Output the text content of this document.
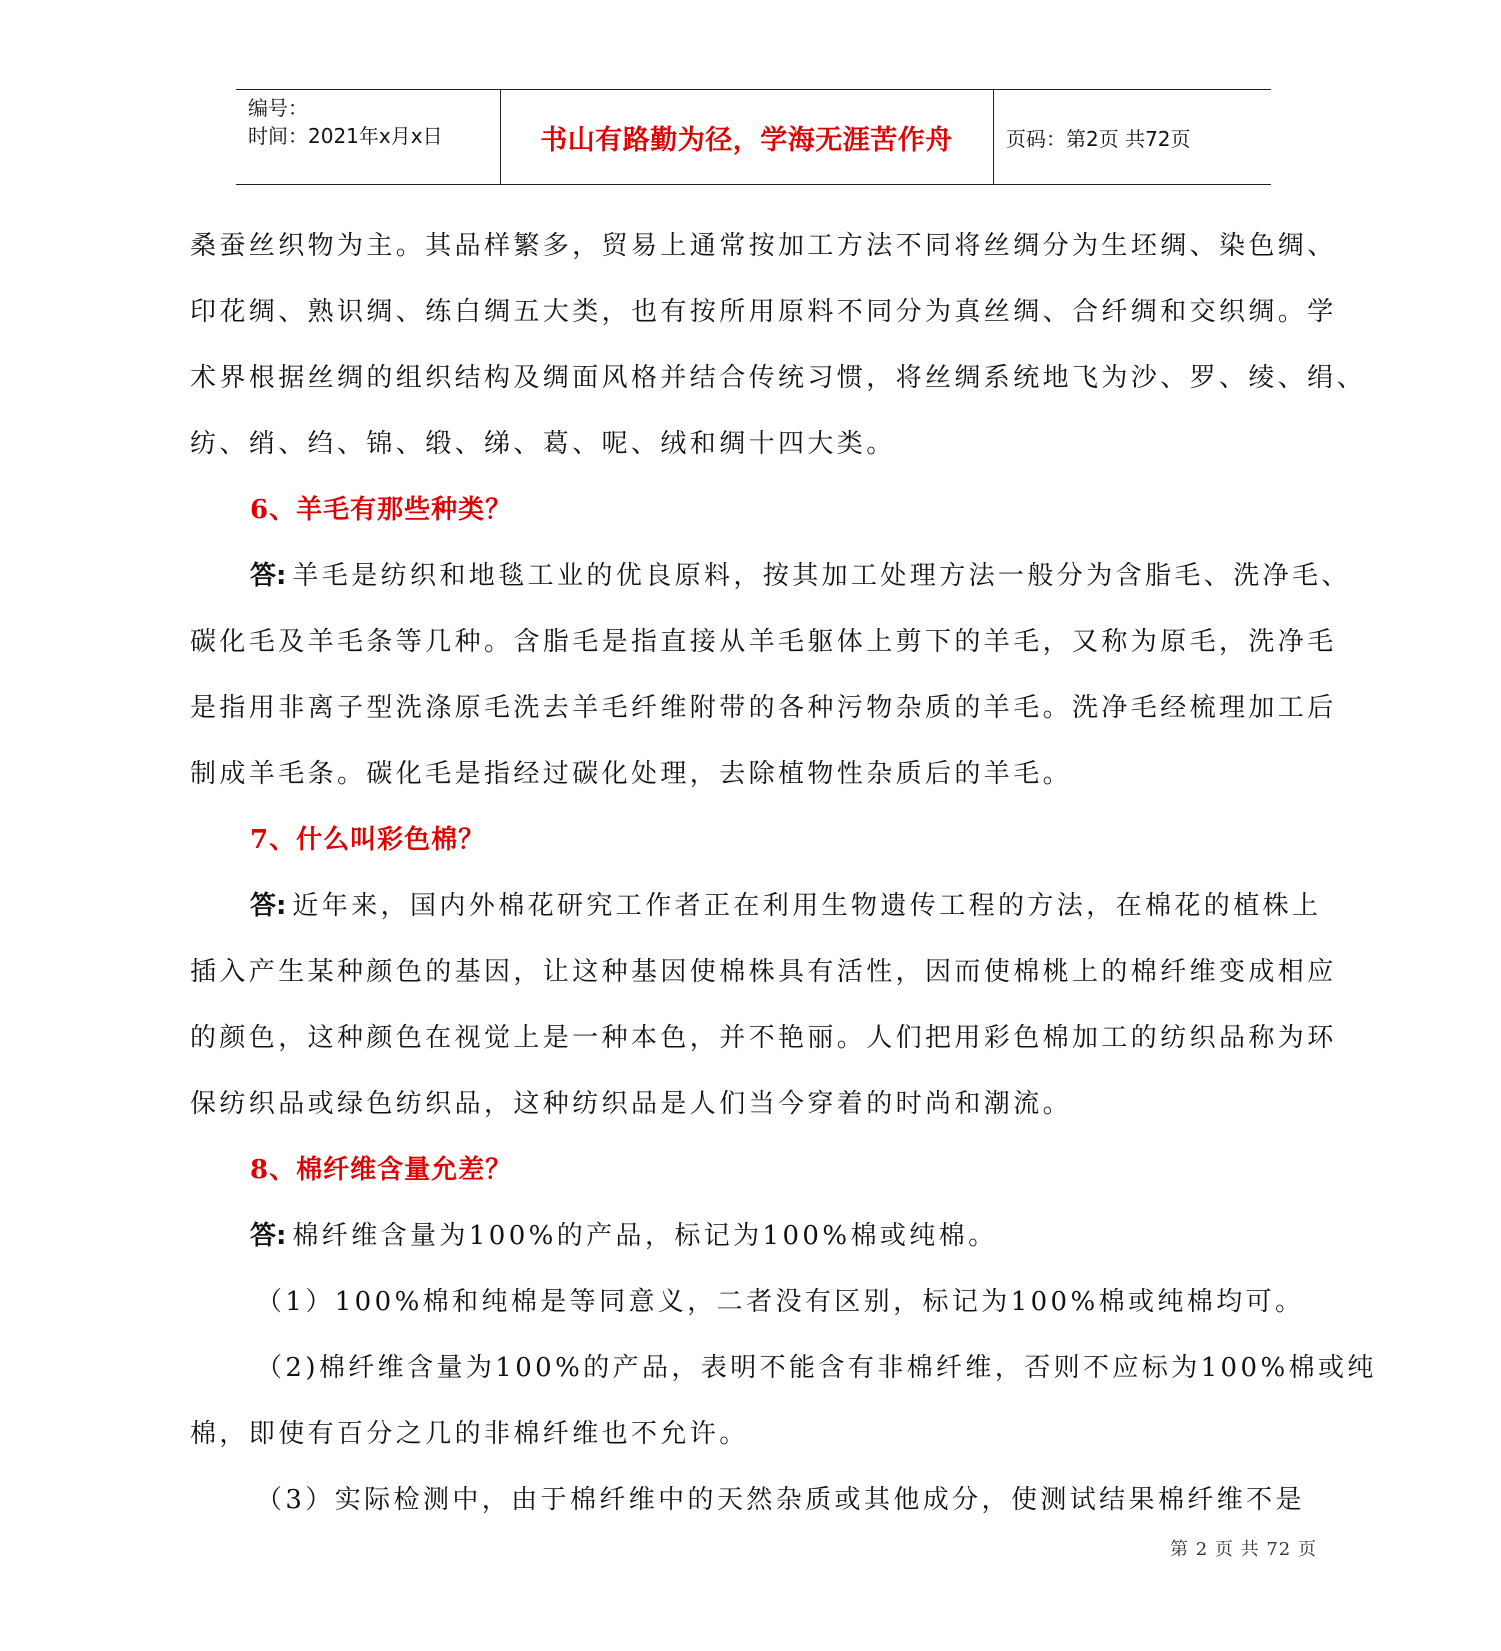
编号：
时间：2021年x月x日	书山有路勤为径，学海无涯苦作舟	页码：第2页 共72页
桑蚕丝织物为主。其品样繁多，贸易上通常按加工方法不同将丝绸分为生坯绸、染色绸、
印花绸、熟识绸、练白绸五大类，也有按所用原料不同分为真丝绸、合纤绸和交织绸。学
术界根据丝绸的组织结构及绸面风格并结合传统习惯，将丝绸系统地飞为沙、罗、绫、绢、
纺、绡、绉、锦、缎、绨、葛、呢、绒和绸十四大类。
6、羊毛有那些种类？
答: 羊毛是纺织和地毯工业的优良原料，按其加工处理方法一般分为含脂毛、洗净毛、
碳化毛及羊毛条等几种。含脂毛是指直接从羊毛躯体上剪下的羊毛，又称为原毛，洗净毛
是指用非离子型洗涤原毛洗去羊毛纤维附带的各种污物杂质的羊毛。洗净毛经梳理加工后
制成羊毛条。碳化毛是指经过碳化处理，去除植物性杂质后的羊毛。
7、什么叫彩色棉？
答: 近年来，国内外棉花研究工作者正在利用生物遗传工程的方法，在棉花的植株上
插入产生某种颜色的基因，让这种基因使棉株具有活性，因而使棉桃上的棉纤维变成相应
的颜色，这种颜色在视觉上是一种本色，并不艳丽。人们把用彩色棉加工的纺织品称为环
保纺织品或绿色纺织品，这种纺织品是人们当今穿着的时尚和潮流。
8、棉纤维含量允差？
答: 棉纤维含量为100%的产品，标记为100%棉或纯棉。
（1）100%棉和纯棉是等同意义，二者没有区别，标记为100%棉或纯棉均可。
（2)棉纤维含量为100%的产品，表明不能含有非棉纤维，否则不应标为100%棉或纯
棉，即使有百分之几的非棉纤维也不允许。
（3）实际检测中，由于棉纤维中的天然杂质或其他成分，使测试结果棉纤维不是
第 2 页 共 72 页
